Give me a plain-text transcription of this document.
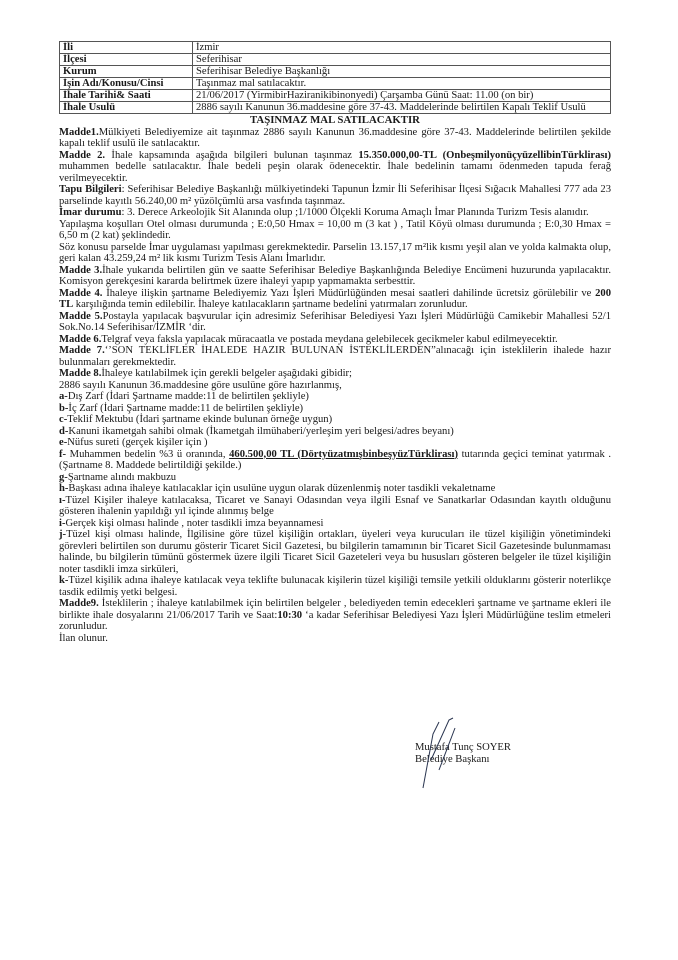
İli	İzmir
İlçesi	Seferihisar
Kurum	Seferihisar Belediye Başkanlığı
İşin Adı/Konusu/Cinsi	Taşınmaz mal satılacaktır.
İhale Tarihi& Saati	21/06/2017 (YirmibirHaziranikibinonyedi) Çarşamba Günü Saat: 11.00 (on bir)
İhale Usulü	2886 sayılı Kanunun 36.maddesine göre 37-43. Maddelerinde belirtilen Kapalı Teklif Usulü
TAŞINMAZ MAL SATILACAKTIR

Madde1.Mülkiyeti Belediyemize ait taşınmaz 2886 sayılı Kanunun 36.maddesine göre 37-43. Maddelerinde belirtilen şekilde kapalı teklif usulü ile satılacaktır.

Madde 2. İhale kapsamında aşağıda bilgileri bulunan taşınmaz 15.350.000,00-TL (OnbeşmilyonüçyüzellibinTürklirası) muhammen bedelle satılacaktır. İhale bedeli peşin olarak ödenecektir. İhale bedelinin tamamı ödenmeden tapuda ferağ verilmeyecektir.

Tapu Bilgileri: Seferihisar Belediye Başkanlığı mülkiyetindeki Tapunun İzmir İli Seferihisar İlçesi Sığacık Mahallesi 777 ada 23 parselinde kayıtlı 56.240,00 m² yüzölçümlü arsa vasfında taşınmaz.

İmar durumu: 3. Derece Arkeolojik Sit Alanında olup ;1/1000 Ölçekli Koruma Amaçlı İmar Planında Turizm Tesis alanıdır.

Yapılaşma koşulları Otel olması durumunda ; E:0,50 Hmax = 10,00 m (3 kat ) , Tatil Köyü olması durumunda ; E:0,30 Hmax = 6,50 m (2 kat) şeklindedir.

Söz konusu parselde İmar uygulaması yapılması gerekmektedir. Parselin 13.157,17 m²lik kısmı yeşil alan ve yolda kalmakta olup, geri kalan 43.259,24 m² lik kısmı Turizm Tesis Alanı İmarlıdır.

Madde 3.İhale yukarıda belirtilen gün ve saatte Seferihisar Belediye Başkanlığında Belediye Encümeni huzurunda yapılacaktır. Komisyon gerekçesini kararda belirtmek üzere ihaleyi yapıp yapmamakta serbesttir.

Madde 4. İhaleye ilişkin şartname Belediyemiz Yazı İşleri Müdürlüğünden mesai saatleri dahilinde ücretsiz görülebilir ve 200 TL karşılığında temin edilebilir. İhaleye katılacakların şartname bedelini yatırmaları zorunludur.

Madde 5.Postayla yapılacak başvurular için adresimiz Seferihisar Belediyesi Yazı İşleri Müdürlüğü Camikebir Mahallesi 52/1 Sok.No.14 Seferihisar/İZMİR ‘dir.

Madde 6.Telgraf veya faksla yapılacak müracaatla ve postada meydana gelebilecek gecikmeler kabul edilmeyecektir.

Madde 7.‘’SON TEKLİFLER İHALEDE HAZIR BULUNAN İSTEKLİLERDEN”alınacağı için isteklilerin ihalede hazır bulunmaları gerekmektedir.

Madde 8.İhaleye katılabilmek için gerekli belgeler aşağıdaki gibidir;

2886 sayılı Kanunun 36.maddesine göre usulüne göre hazırlanmış,

a-Dış Zarf (İdari Şartname madde:11 de belirtilen şekliyle)

b-İç Zarf (İdari Şartname madde:11 de belirtilen şekliyle)

c-Teklif Mektubu (İdari şartname ekinde bulunan örneğe uygun)

d-Kanuni ikametgah sahibi olmak (İkametgah ilmühaberi/yerleşim yeri belgesi/adres beyanı)

e-Nüfus sureti (gerçek kişiler için )

f- Muhammen bedelin %3 ü oranında, 460.500,00 TL (DörtyüzatmışbinbeşyüzTürklirası) tutarında geçici teminat yatırmak . (Şartname 8. Maddede belirtildiği şekilde.)

g-Şartname alındı makbuzu

h-Başkası adına ihaleye katılacaklar için usulüne uygun olarak düzenlenmiş noter tasdikli vekaletname

ı-Tüzel Kişiler ihaleye katılacaksa, Ticaret ve Sanayi Odasından veya ilgili Esnaf ve Sanatkarlar Odasından kayıtlı olduğunu gösteren ihalenin yapıldığı yıl içinde alınmış belge

i-Gerçek kişi olması halinde , noter tasdikli imza beyannamesi

j-Tüzel kişi olması halinde, İlgilisine göre tüzel kişiliğin ortakları, üyeleri veya kurucuları ile tüzel kişiliğin yönetimindeki görevleri belirtilen son durumu gösterir Ticaret Sicil Gazetesi, bu bilgilerin tamamının bir Ticaret Sicil Gazetesinde bulunmaması halinde, bu bilgilerin tümünü göstermek üzere ilgili Ticaret Sicil Gazeteleri veya bu hususları gösteren belgeler ile tüzel kişiliğin noter tasdikli imza sirküleri,

k-Tüzel kişilik adına ihaleye katılacak veya teklifte bulunacak kişilerin tüzel kişiliği temsile yetkili olduklarını gösterir noterlikçe tasdik edilmiş yetki belgesi.

Madde9. İsteklilerin ; ihaleye katılabilmek için belirtilen belgeler , belediyeden temin edecekleri şartname ve şartname ekleri ile birlikte ihale dosyalarını 21/06/2017 Tarih ve Saat:10:30 ‘a kadar Seferihisar Belediyesi Yazı İşleri Müdürlüğüne teslim etmeleri zorunludur.

İlan olunur.

Mustafa Tunç SOYER
Belediye Başkanı
